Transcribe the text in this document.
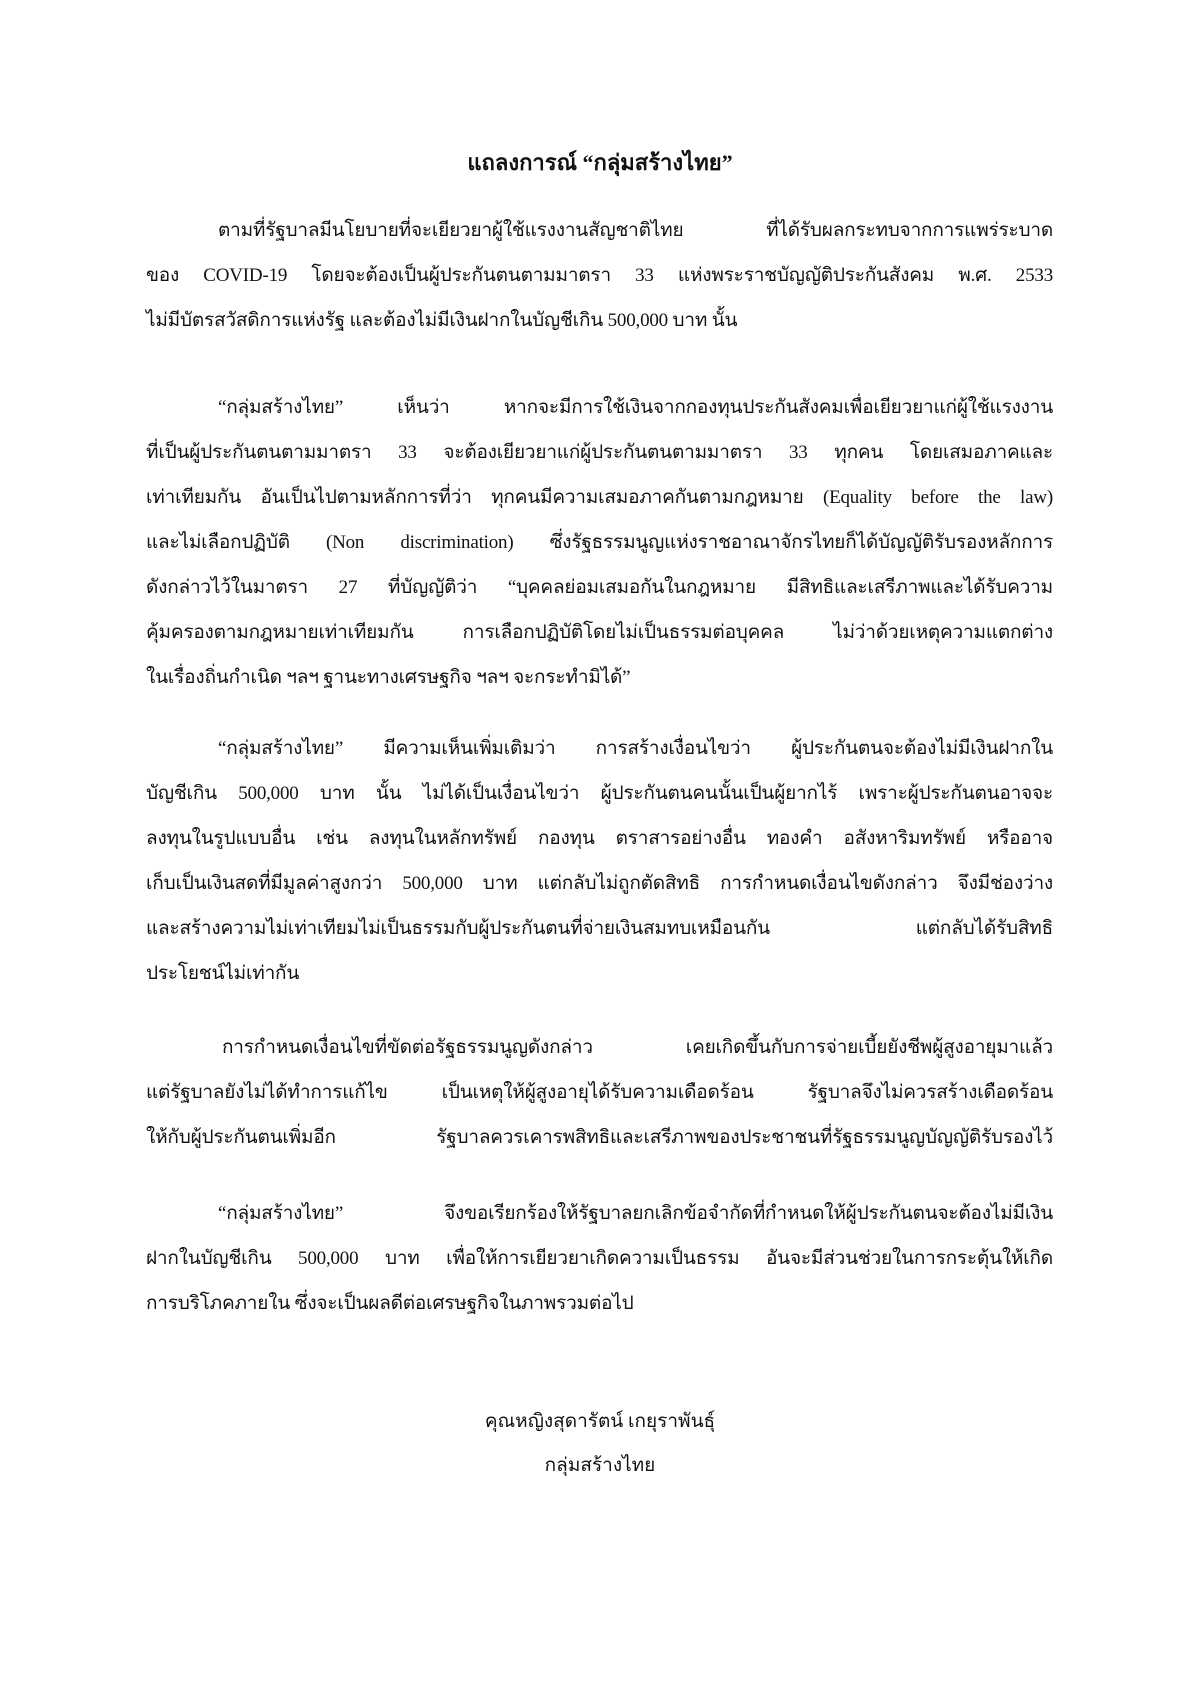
แถลงการณ์ “กลุ่มสร้างไทย”
ตามที่รัฐบาลมีนโยบายที่จะเยียวยาผู้ใช้แรงงานสัญชาติไทย ที่ได้รับผลกระทบจากการแพร่ระบาด
ของ COVID-19 โดยจะต้องเป็นผู้ประกันตนตามมาตรา 33 แห่งพระราชบัญญัติประกันสังคม พ.ศ. 2533
ไม่มีบัตรสวัสดิการแห่งรัฐ และต้องไม่มีเงินฝากในบัญชีเกิน 500,000 บาท นั้น
“กลุ่มสร้างไทย” เห็นว่า หากจะมีการใช้เงินจากกองทุนประกันสังคมเพื่อเยียวยาแก่ผู้ใช้แรงงาน
ที่เป็นผู้ประกันตนตามมาตรา 33 จะต้องเยียวยาแก่ผู้ประกันตนตามมาตรา 33 ทุกคน โดยเสมอภาคและ
เท่าเทียมกัน อันเป็นไปตามหลักการที่ว่า ทุกคนมีความเสมอภาคกันตามกฎหมาย (Equality before the law)
และไม่เลือกปฏิบัติ (Non discrimination) ซึ่งรัฐธรรมนูญแห่งราชอาณาจักรไทยก็ได้บัญญัติรับรองหลักการ
ดังกล่าวไว้ในมาตรา 27 ที่บัญญัติว่า “บุคคลย่อมเสมอกันในกฎหมาย มีสิทธิและเสรีภาพและได้รับความ
คุ้มครองตามกฎหมายเท่าเทียมกัน การเลือกปฏิบัติโดยไม่เป็นธรรมต่อบุคคล ไม่ว่าด้วยเหตุความแตกต่าง
ในเรื่องถิ่นกำเนิด ฯลฯ ฐานะทางเศรษฐกิจ ฯลฯ จะกระทำมิได้”
“กลุ่มสร้างไทย” มีความเห็นเพิ่มเติมว่า การสร้างเงื่อนไขว่า ผู้ประกันตนจะต้องไม่มีเงินฝากใน
บัญชีเกิน 500,000 บาท นั้น ไม่ได้เป็นเงื่อนไขว่า ผู้ประกันตนคนนั้นเป็นผู้ยากไร้ เพราะผู้ประกันตนอาจจะ
ลงทุนในรูปแบบอื่น เช่น ลงทุนในหลักทรัพย์ กองทุน ตราสารอย่างอื่น ทองคำ อสังหาริมทรัพย์ หรืออาจ
เก็บเป็นเงินสดที่มีมูลค่าสูงกว่า 500,000 บาท แต่กลับไม่ถูกตัดสิทธิ การกำหนดเงื่อนไขดังกล่าว จึงมีช่องว่าง
และสร้างความไม่เท่าเทียมไม่เป็นธรรมกับผู้ประกันตนที่จ่ายเงินสมทบเหมือนกัน แต่กลับได้รับสิทธิ
ประโยชน์ไม่เท่ากัน
การกำหนดเงื่อนไขที่ขัดต่อรัฐธรรมนูญดังกล่าว เคยเกิดขึ้นกับการจ่ายเบี้ยยังชีพผู้สูงอายุมาแล้ว
แต่รัฐบาลยังไม่ได้ทำการแก้ไข เป็นเหตุให้ผู้สูงอายุได้รับความเดือดร้อน รัฐบาลจึงไม่ควรสร้างเดือดร้อน
ให้กับผู้ประกันตนเพิ่มอีก รัฐบาลควรเคารพสิทธิและเสรีภาพของประชาชนที่รัฐธรรมนูญบัญญัติรับรองไว้
“กลุ่มสร้างไทย” จึงขอเรียกร้องให้รัฐบาลยกเลิกข้อจำกัดที่กำหนดให้ผู้ประกันตนจะต้องไม่มีเงิน
ฝากในบัญชีเกิน 500,000 บาท เพื่อให้การเยียวยาเกิดความเป็นธรรม อันจะมีส่วนช่วยในการกระตุ้นให้เกิด
การบริโภคภายใน ซึ่งจะเป็นผลดีต่อเศรษฐกิจในภาพรวมต่อไป
คุณหญิงสุดารัตน์ เกยุราพันธุ์
กลุ่มสร้างไทย
